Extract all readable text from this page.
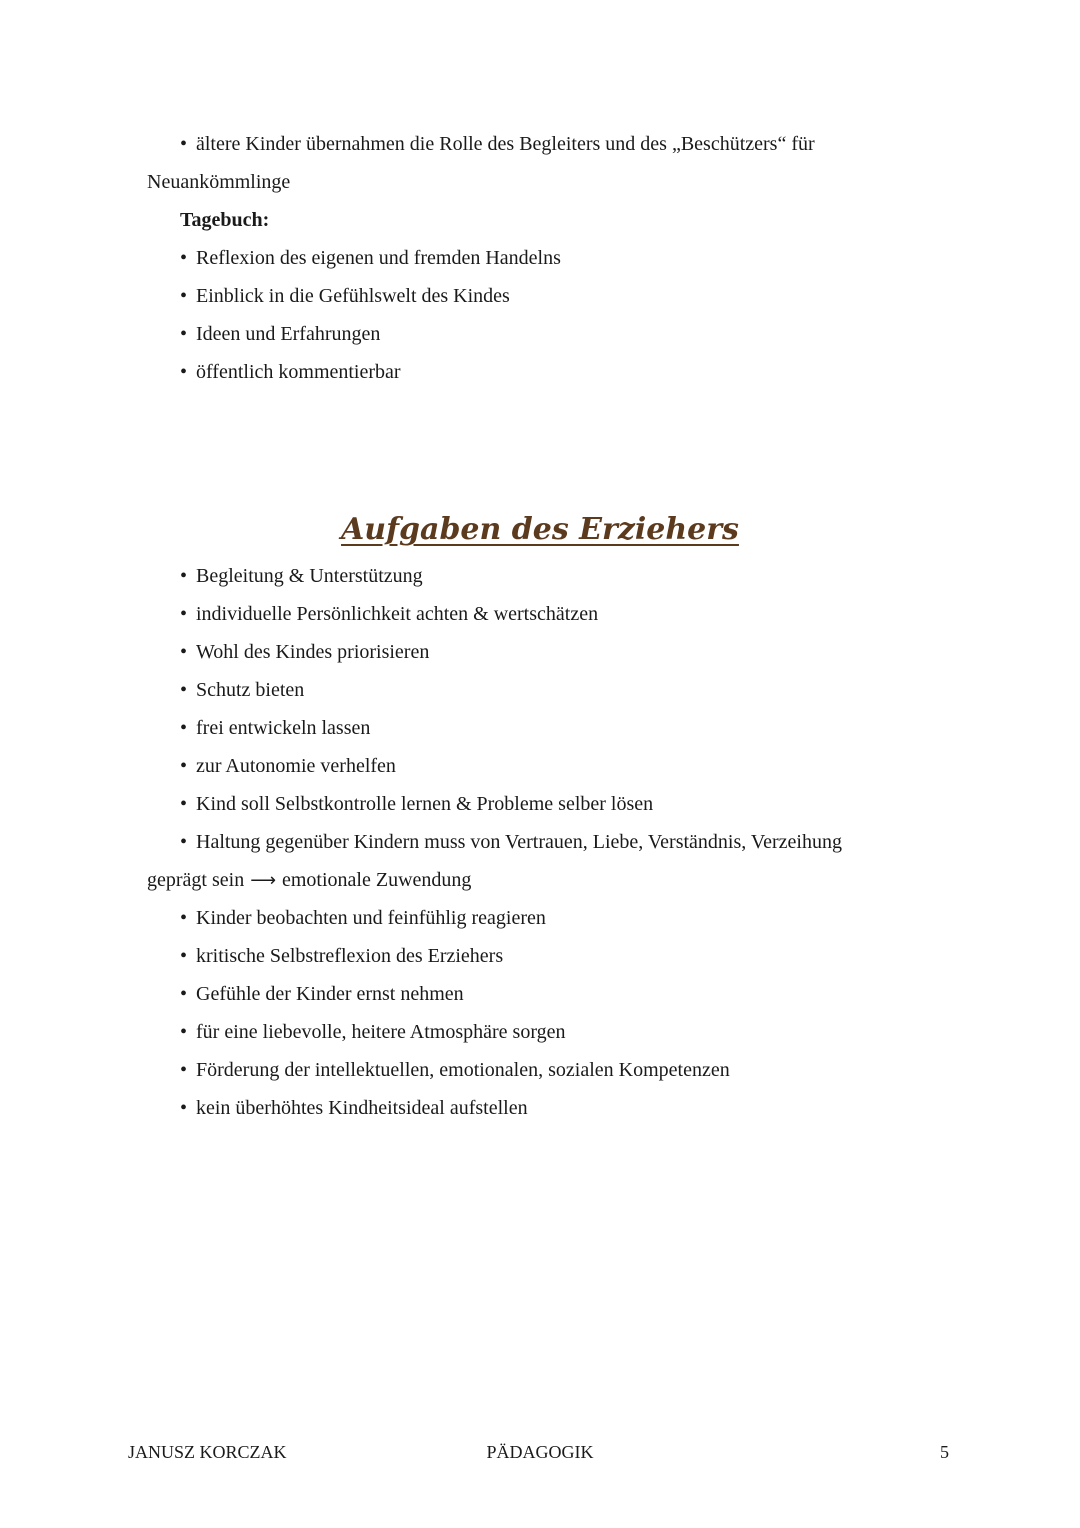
• ältere Kinder übernahmen die Rolle des Begleiters und des „Beschützers“ für
Neuankömmlinge
Tagebuch:
• Reflexion des eigenen und fremden Handelns
• Einblick in die Gefühlswelt des Kindes
• Ideen und Erfahrungen
• öffentlich kommentierbar
Aufgaben des Erziehers
• Begleitung & Unterstützung
• individuelle Persönlichkeit achten & wertschätzen
• Wohl des Kindes priorisieren
• Schutz bieten
• frei entwickeln lassen
• zur Autonomie verhelfen
• Kind soll Selbstkontrolle lernen & Probleme selber lösen
• Haltung gegenüber Kindern muss von Vertrauen, Liebe, Verständnis, Verzeihung
geprägt sein ⟶ emotionale Zuwendung
• Kinder beobachten und feinfühlig reagieren
• kritische Selbstreflexion des Erziehers
• Gefühle der Kinder ernst nehmen
• für eine liebevolle, heitere Atmosphäre sorgen
• Förderung der intellektuellen, emotionalen, sozialen Kompetenzen
• kein überhöhtes Kindheitsideal aufstellen
JANUSZ KORCZAK	PÄDAGOGIK	5
